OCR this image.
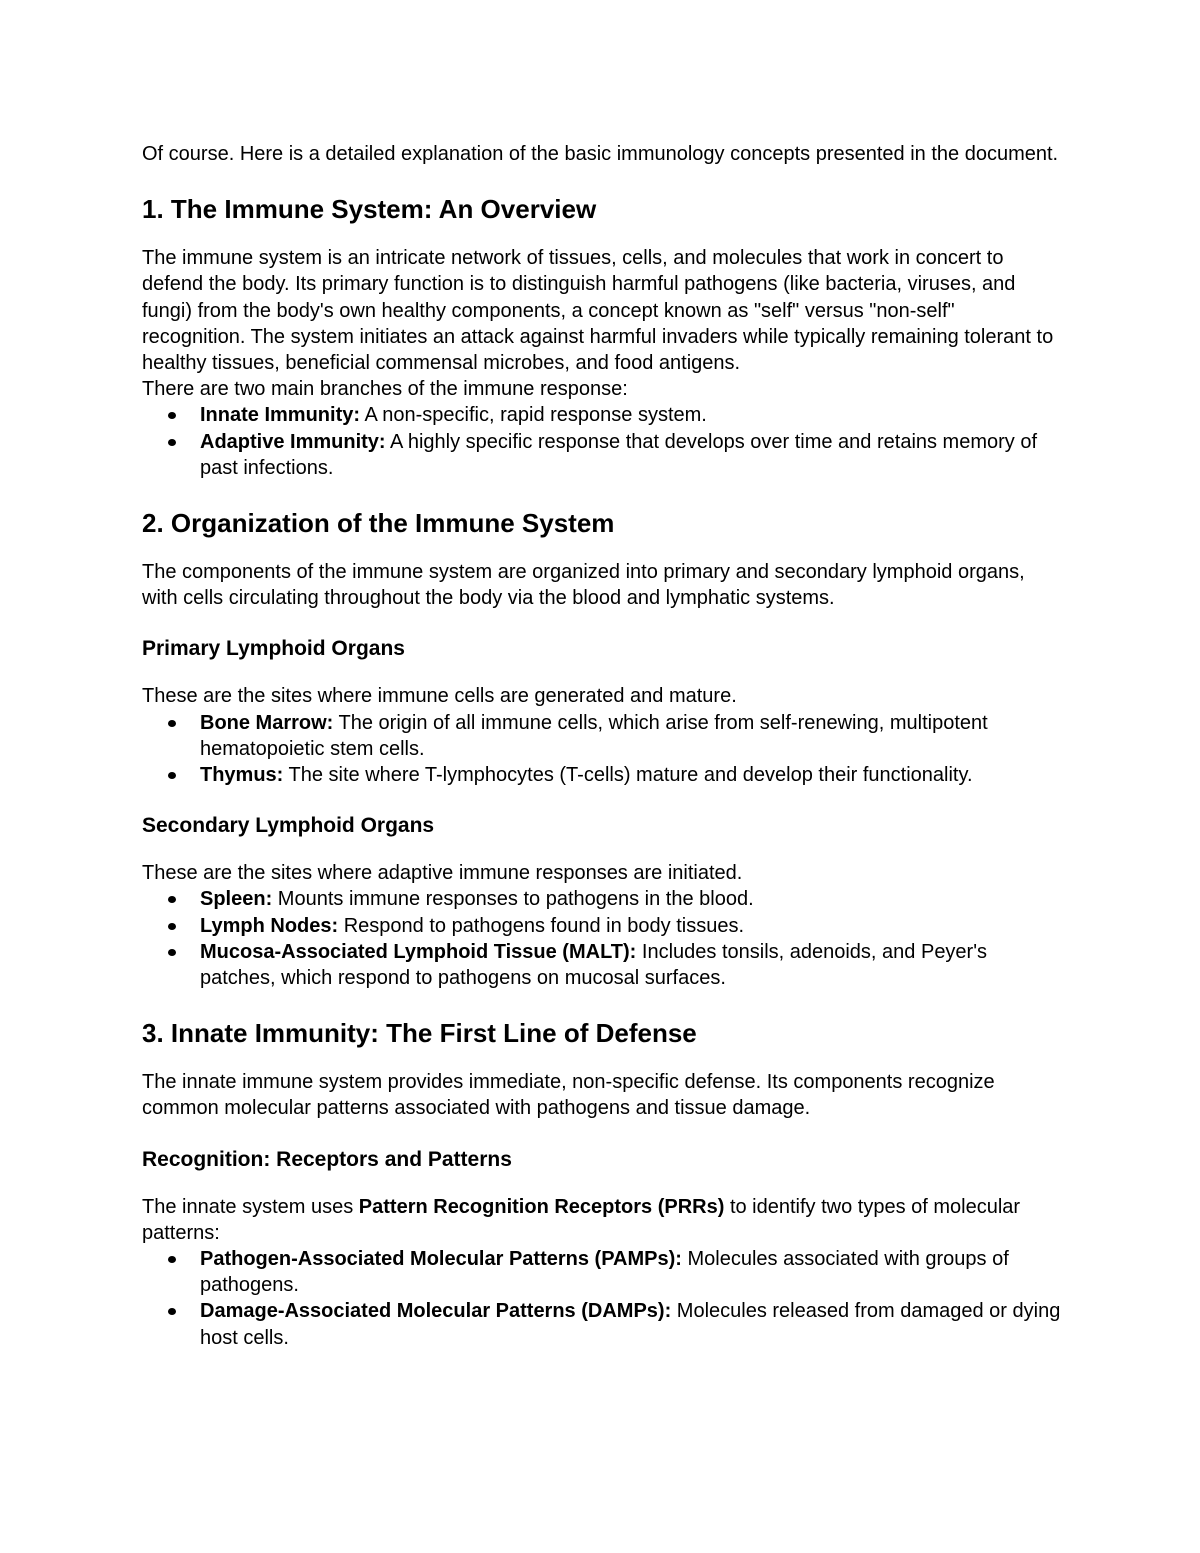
Of course. Here is a detailed explanation of the basic immunology concepts presented in the document.

1. The Immune System: An Overview

The immune system is an intricate network of tissues, cells, and molecules that work in concert to defend the body. Its primary function is to distinguish harmful pathogens (like bacteria, viruses, and fungi) from the body's own healthy components, a concept known as "self" versus "non-self" recognition. The system initiates an attack against harmful invaders while typically remaining tolerant to healthy tissues, beneficial commensal microbes, and food antigens.

There are two main branches of the immune response:

Innate Immunity: A non-specific, rapid response system.
Adaptive Immunity: A highly specific response that develops over time and retains memory of past infections.
2. Organization of the Immune System

The components of the immune system are organized into primary and secondary lymphoid organs, with cells circulating throughout the body via the blood and lymphatic systems.

Primary Lymphoid Organs

These are the sites where immune cells are generated and mature.

Bone Marrow: The origin of all immune cells, which arise from self-renewing, multipotent hematopoietic stem cells.
Thymus: The site where T-lymphocytes (T-cells) mature and develop their functionality.
Secondary Lymphoid Organs

These are the sites where adaptive immune responses are initiated.

Spleen: Mounts immune responses to pathogens in the blood.
Lymph Nodes: Respond to pathogens found in body tissues.
Mucosa-Associated Lymphoid Tissue (MALT): Includes tonsils, adenoids, and Peyer's patches, which respond to pathogens on mucosal surfaces.
3. Innate Immunity: The First Line of Defense

The innate immune system provides immediate, non-specific defense. Its components recognize common molecular patterns associated with pathogens and tissue damage.

Recognition: Receptors and Patterns

The innate system uses Pattern Recognition Receptors (PRRs) to identify two types of molecular patterns:

Pathogen-Associated Molecular Patterns (PAMPs): Molecules associated with groups of pathogens.
Damage-Associated Molecular Patterns (DAMPs): Molecules released from damaged or dying host cells.
